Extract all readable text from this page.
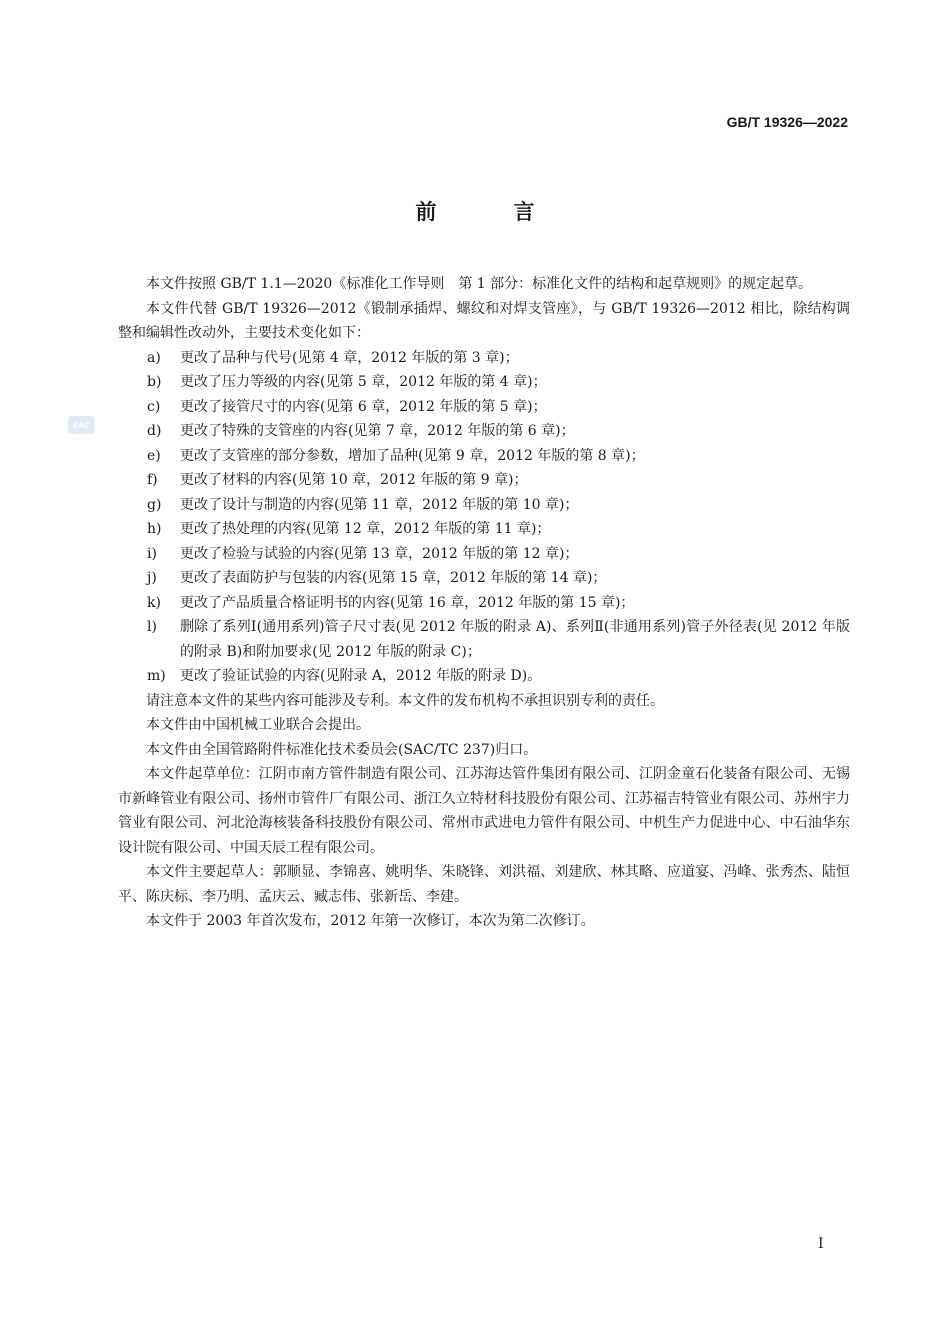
GB/T 19326—2022
前　言
SAC

本文件按照 GB/T 1.1—2020《标准化工作导则　第 1 部分：标准化文件的结构和起草规则》的规定起草。

本文件代替 GB/T 19326—2012《锻制承插焊、螺纹和对焊支管座》，与 GB/T 19326—2012 相比，除结构调整和编辑性改动外，主要技术变化如下：

a)	更改了品种与代号(见第 4 章，2012 年版的第 3 章)；
b)	更改了压力等级的内容(见第 5 章，2012 年版的第 4 章)；
c)	更改了接管尺寸的内容(见第 6 章，2012 年版的第 5 章)；
d)	更改了特殊的支管座的内容(见第 7 章，2012 年版的第 6 章)；
e)	更改了支管座的部分参数，增加了品种(见第 9 章，2012 年版的第 8 章)；
f)	更改了材料的内容(见第 10 章，2012 年版的第 9 章)；
g)	更改了设计与制造的内容(见第 11 章，2012 年版的第 10 章)；
h)	更改了热处理的内容(见第 12 章，2012 年版的第 11 章)；
i)	更改了检验与试验的内容(见第 13 章，2012 年版的第 12 章)；
j)	更改了表面防护与包装的内容(见第 15 章，2012 年版的第 14 章)；
k)	更改了产品质量合格证明书的内容(见第 16 章，2012 年版的第 15 章)；
l)	删除了系列Ⅰ(通用系列)管子尺寸表(见 2012 年版的附录 A)、系列Ⅱ(非通用系列)管子外径表(见 2012 年版的附录 B)和附加要求(见 2012 年版的附录 C)；
m)	更改了验证试验的内容(见附录 A，2012 年版的附录 D)。

请注意本文件的某些内容可能涉及专利。本文件的发布机构不承担识别专利的责任。

本文件由中国机械工业联合会提出。

本文件由全国管路附件标准化技术委员会(SAC/TC 237)归口。

本文件起草单位：江阴市南方管件制造有限公司、江苏海达管件集团有限公司、江阴金童石化装备有限公司、无锡市新峰管业有限公司、扬州市管件厂有限公司、浙江久立特材科技股份有限公司、江苏福吉特管业有限公司、苏州宇力管业有限公司、河北沧海核装备科技股份有限公司、常州市武进电力管件有限公司、中机生产力促进中心、中石油华东设计院有限公司、中国天辰工程有限公司。

本文件主要起草人：郭顺显、李锦喜、姚明华、朱晓锋、刘洪福、刘建欣、林其略、应道宴、冯峰、张秀杰、陆恒平、陈庆标、李乃明、孟庆云、臧志伟、张新岳、李建。

本文件于 2003 年首次发布，2012 年第一次修订，本次为第二次修订。

I
